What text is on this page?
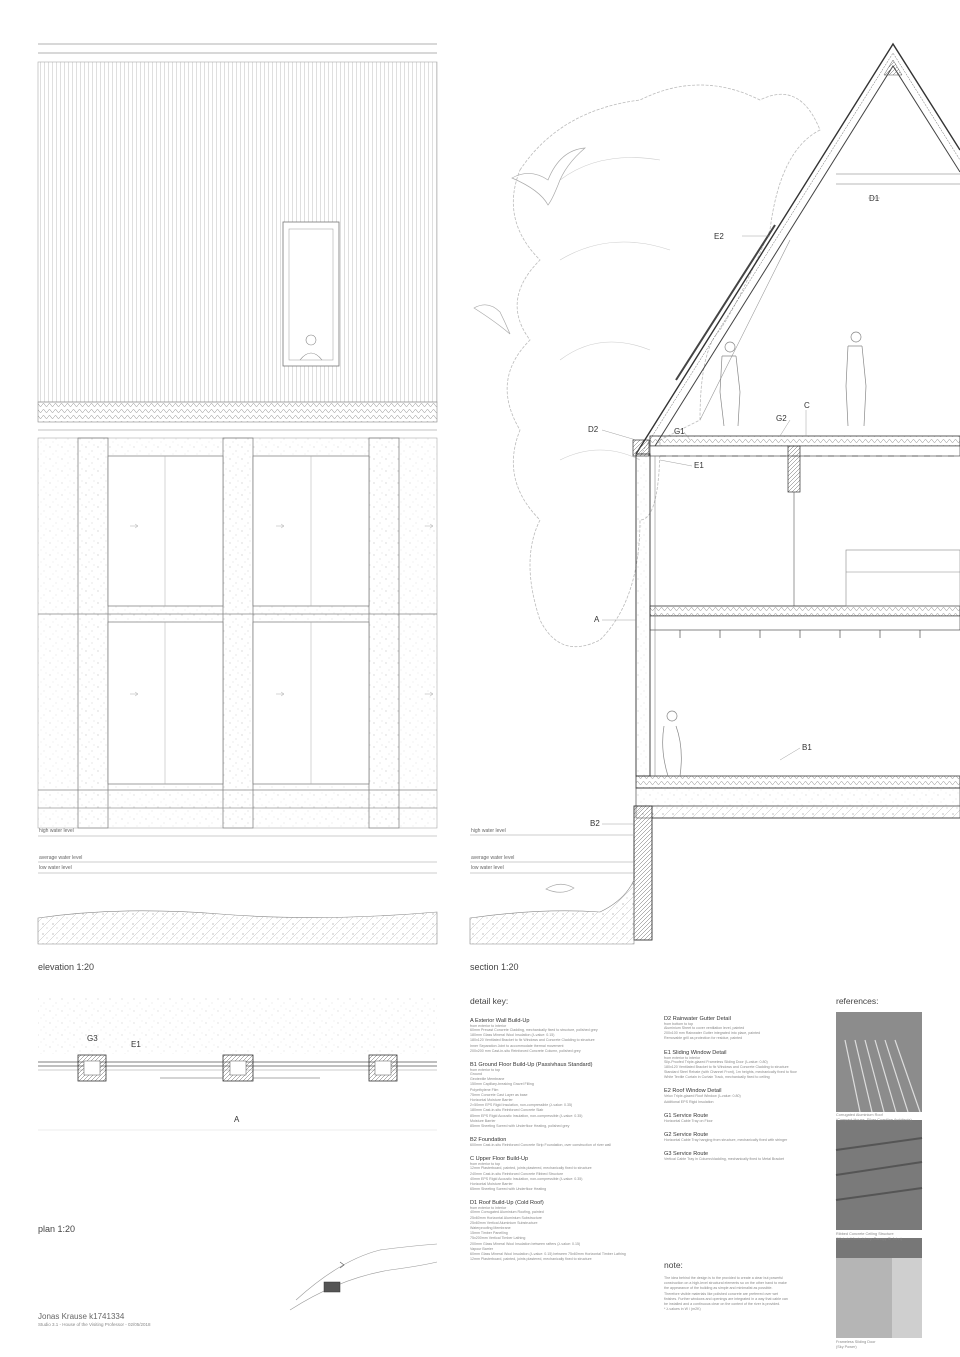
elevation 1:20	section 1:20
plan 1:20
high water level
average water level
low water level
high water level
average water level
low water level
D1
E2
D2	G1
G2
C
E1
A
B1
B2
G3
E1
A
Jonas Krause k1741334
Studio 3.1 - House of the Visiting Professor - 02/05/2018
detail key:
A Exterior Wall Build-Up
from exterior to interior
60mm Precast Concrete Cladding, mechanically fixed to structure, polished grey
180mm Glass Mineral Wool Insulation (λ-value: 0.15)
180x120 Ventilated Bracket to fix Windows and Concrete Cladding to structure
Inner Separation Joint to accommodate thermal movement
200x200 mm Cast-in-situ Reinforced Concrete Column, polished grey
B1 Ground Floor Build-Up (Passivhaus Standard)
from exterior to top
Ground
Geotextile Membrane
150mm Capillary-breaking Gravel Filling
Polyethylene Film
75mm Concrete Cast Layer as base
Horizontal Moisture Barrier
2×50mm EPS Rigid Insulation, non-compressible (λ-value: 0.35)
180mm Cast-in-situ Reinforced Concrete Slab
85mm EPS Rigid Acoustic Insulation, non-compressible (λ-value: 0.35)
Moisture Barrier
85mm Sheeting Screed with Underfloor Heating, polished grey
B2 Foundation
600mm Cast-in-situ Reinforced Concrete Strip Foundation, over construction of river wall
C Upper Floor Build-Up
from exterior to top
12mm Plasterboard, painted, joints plastered, mechanically fixed to structure
240mm Cast-in-situ Reinforced Concrete Ribbed Structure
40mm EPS Rigid Acoustic Insulation, non-compressible (λ-value: 0.35)
Horizontal Moisture Barrier
65mm Sheeting Screed with Underfloor Heating
D1 Roof Build-Up (Cold Roof)
from exterior to interior
40mm Corrugated Aluminium Roofing, painted
25x60mm Horizontal Aluminium Substructure
25x60mm Vertical Aluminium Substructure
Waterproofing Membrane
15mm Timber Panelling
75x200mm Vertical Timber Lathing
200mm Glass Mineral Wool Insulation between rafters (λ-value: 0.15)
Vapour Barrier
60mm Glass Mineral Wool Insulation (λ-value: 0.15) between 75x60mm Horizontal Timber Lathing
12mm Plasterboard, painted, joints plastered, mechanically fixed to structure
D2 Rainwater Gutter Detail
from bottom to top
Aluminium Sheet to cover ventilation level, painted
200x100 mm Rainwater Gutter integrated into place, painted
Removable grill as protection for residue, painted
E1 Sliding Window Detail
from exterior to interior
Slip-Proofed Triple-glazed Frameless Sliding Door (λ-value: 0.80)
180x120 Ventilated Bracket to fix Windows and Concrete Cladding to structure
Standard Steel Rebate (with Channel Front), 1m heights, mechanically fixed to floor
White Textile Curtain in Curtain Track, mechanically fixed to ceiling
E2 Roof Window Detail
Velux Triple-glazed Roof Window (λ-value: 0.80)
Additional EPS Rigid Insulation
G1 Service Route
Horizontal Cable Tray on Floor
G2 Service Route
Horizontal Cable Tray hanging from structure, mechanically fixed with stringer
G3 Service Route
Vertical Cable Tray in Column/cladding, mechanically fixed to Metal Bracket
note:
The idea behind the design is to the provided to create a clear but powerful
construction on a high-level structural elements so on the other hand to make
the appearance of the building as simple and minimalist as possible.
Therefore visible materials like polished concrete are preferred over wet
finishes. Further windows and openings are integrated in a way that cable can
be installed and a continuous clear on the context of the river is provided.
* λ-values in W / (m2K)
references:
Corrugated Aluminium Roof
(Compact House, Silver Coastline Architects)
Ribbed Concrete Ceiling Structure
(Wakatuli Ambulatory, Canopy St John)
Frameless Sliding Door
(Sky Power)
